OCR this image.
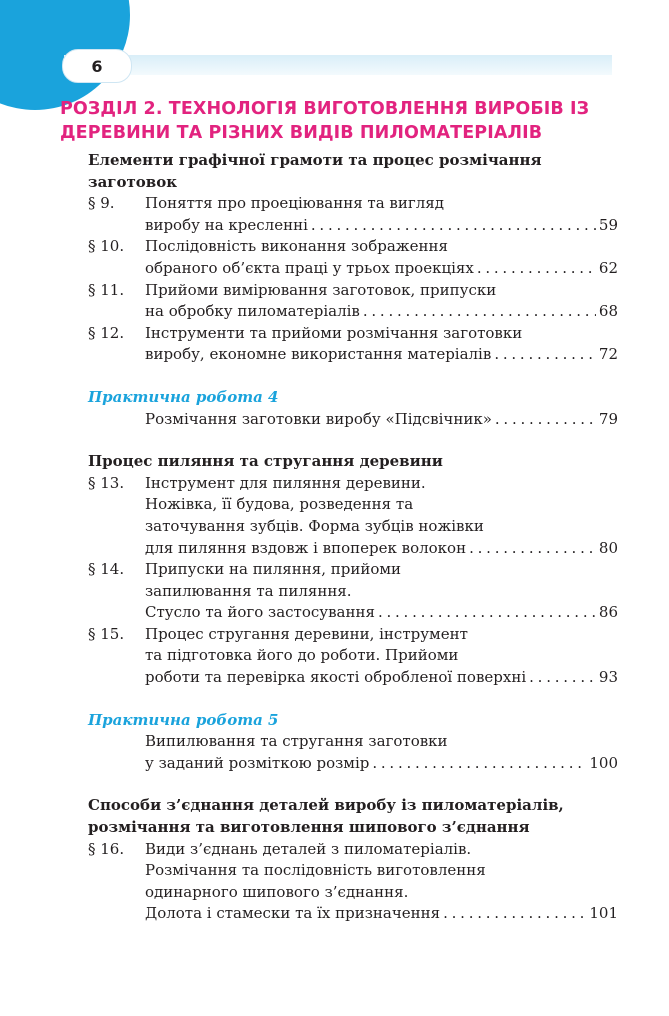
6
РОЗДІЛ 2. ТЕХНОЛОГІЯ ВИГОТОВЛЕННЯ ВИРОБІВ ІЗ
ДЕРЕВИНИ ТА РІЗНИХ ВИДІВ ПИЛОМАТЕРІАЛІВ
Елементи графічної грамоти та процес розмічання
заготовок
§ 9.	Поняття про проеціювання та вигляд
виробу на кресленні . . .	59
§ 10.	Послідовність виконання зображення
обраного об’єкта праці у трьох проекціях . . .	62
§ 11.	Прийоми вимірювання заготовок, припуски
на обробку пиломатеріалів . . .	68
§ 12.	Інструменти та прийоми розмічання заготовки
виробу, економне використання матеріалів . . .	72
Практична робота 4
Розмічання заготовки виробу «Підсвічник» . . .	79
Процес пиляння та стругання деревини
§ 13.	Інструмент для пиляння деревини.
Ножівка, її будова, розведення та
заточування зубців. Форма зубців ножівки
для пиляння вздовж і впоперек волокон . . .	80
§ 14.	Припуски на пиляння, прийоми
запилювання та пиляння.
Стусло та його застосування . . .	86
§ 15.	Процес стругання деревини, інструмент
та підготовка його до роботи. Прийоми
роботи та перевірка якості обробленої поверхні . . .	93
Практична робота 5
Випилювання та стругання заготовки
у заданий розміткою розмір . . .	100
Способи з’єднання деталей виробу із пиломатеріалів,
розмічання та виготовлення шипового з’єднання
§ 16.	Види з’єднань деталей з пиломатеріалів.
Розмічання та послідовність виготовлення
одинарного шипового з’єднання.
Долота і стамески та їх призначення . . .	101
